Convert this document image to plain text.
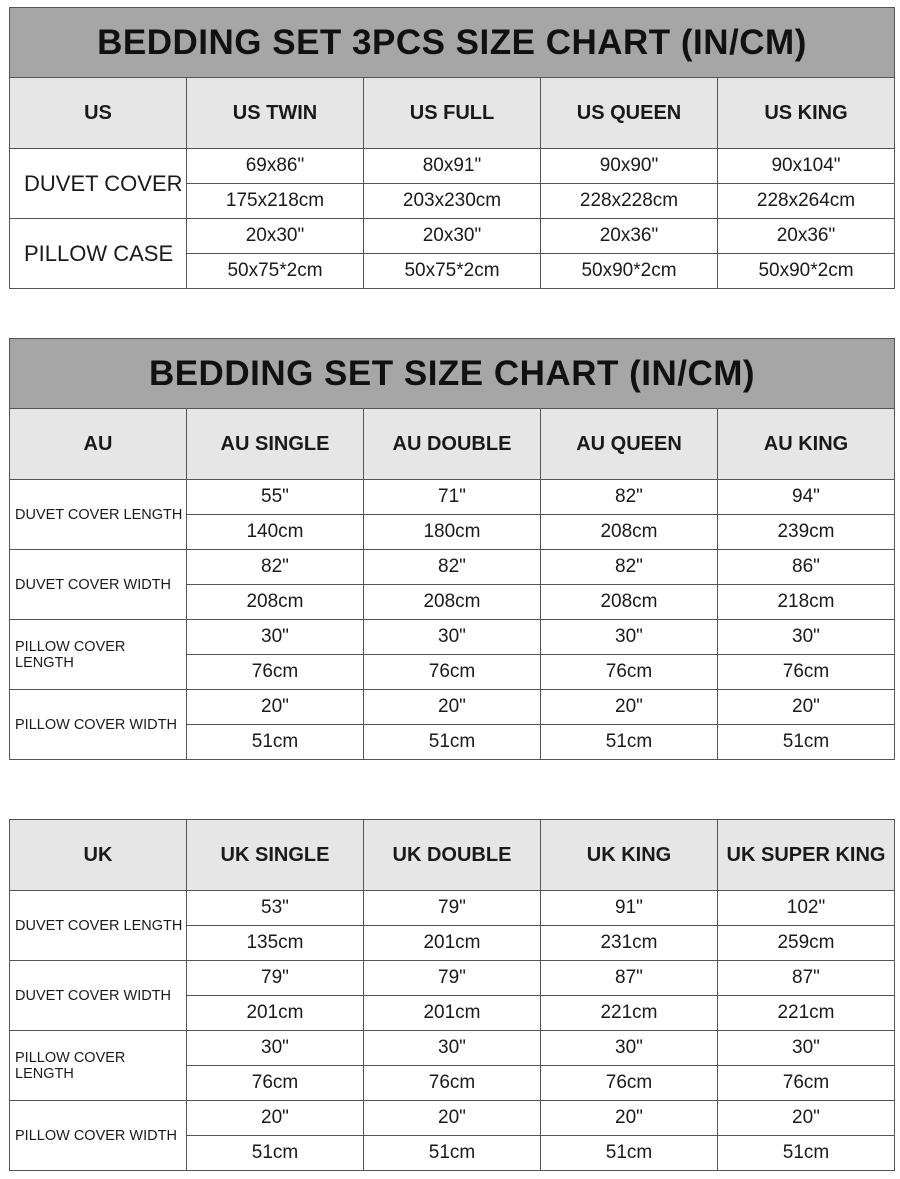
BEDDING SET 3PCS SIZE CHART (IN/CM)
US	US TWIN	US FULL	US QUEEN	US KING
DUVET COVER	69x86"	80x91"	90x90"	90x104"
	175x218cm	203x230cm	228x228cm	228x264cm
PILLOW CASE	20x30"	20x30"	20x36"	20x36"
	50x75*2cm	50x75*2cm	50x90*2cm	50x90*2cm
BEDDING SET SIZE CHART (IN/CM)
AU	AU SINGLE	AU DOUBLE	AU QUEEN	AU KING
DUVET COVER LENGTH	55"	71"	82"	94"
	140cm	180cm	208cm	239cm
DUVET COVER WIDTH	82"	82"	82"	86"
	208cm	208cm	208cm	218cm
PILLOW COVER LENGTH	30"	30"	30"	30"
	76cm	76cm	76cm	76cm
PILLOW COVER WIDTH	20"	20"	20"	20"
	51cm	51cm	51cm	51cm
UK	UK SINGLE	UK DOUBLE	UK KING	UK SUPER KING
DUVET COVER LENGTH	53"	79"	91"	102"
	135cm	201cm	231cm	259cm
DUVET COVER WIDTH	79"	79"	87"	87"
	201cm	201cm	221cm	221cm
PILLOW COVER LENGTH	30"	30"	30"	30"
	76cm	76cm	76cm	76cm
PILLOW COVER WIDTH	20"	20"	20"	20"
	51cm	51cm	51cm	51cm
